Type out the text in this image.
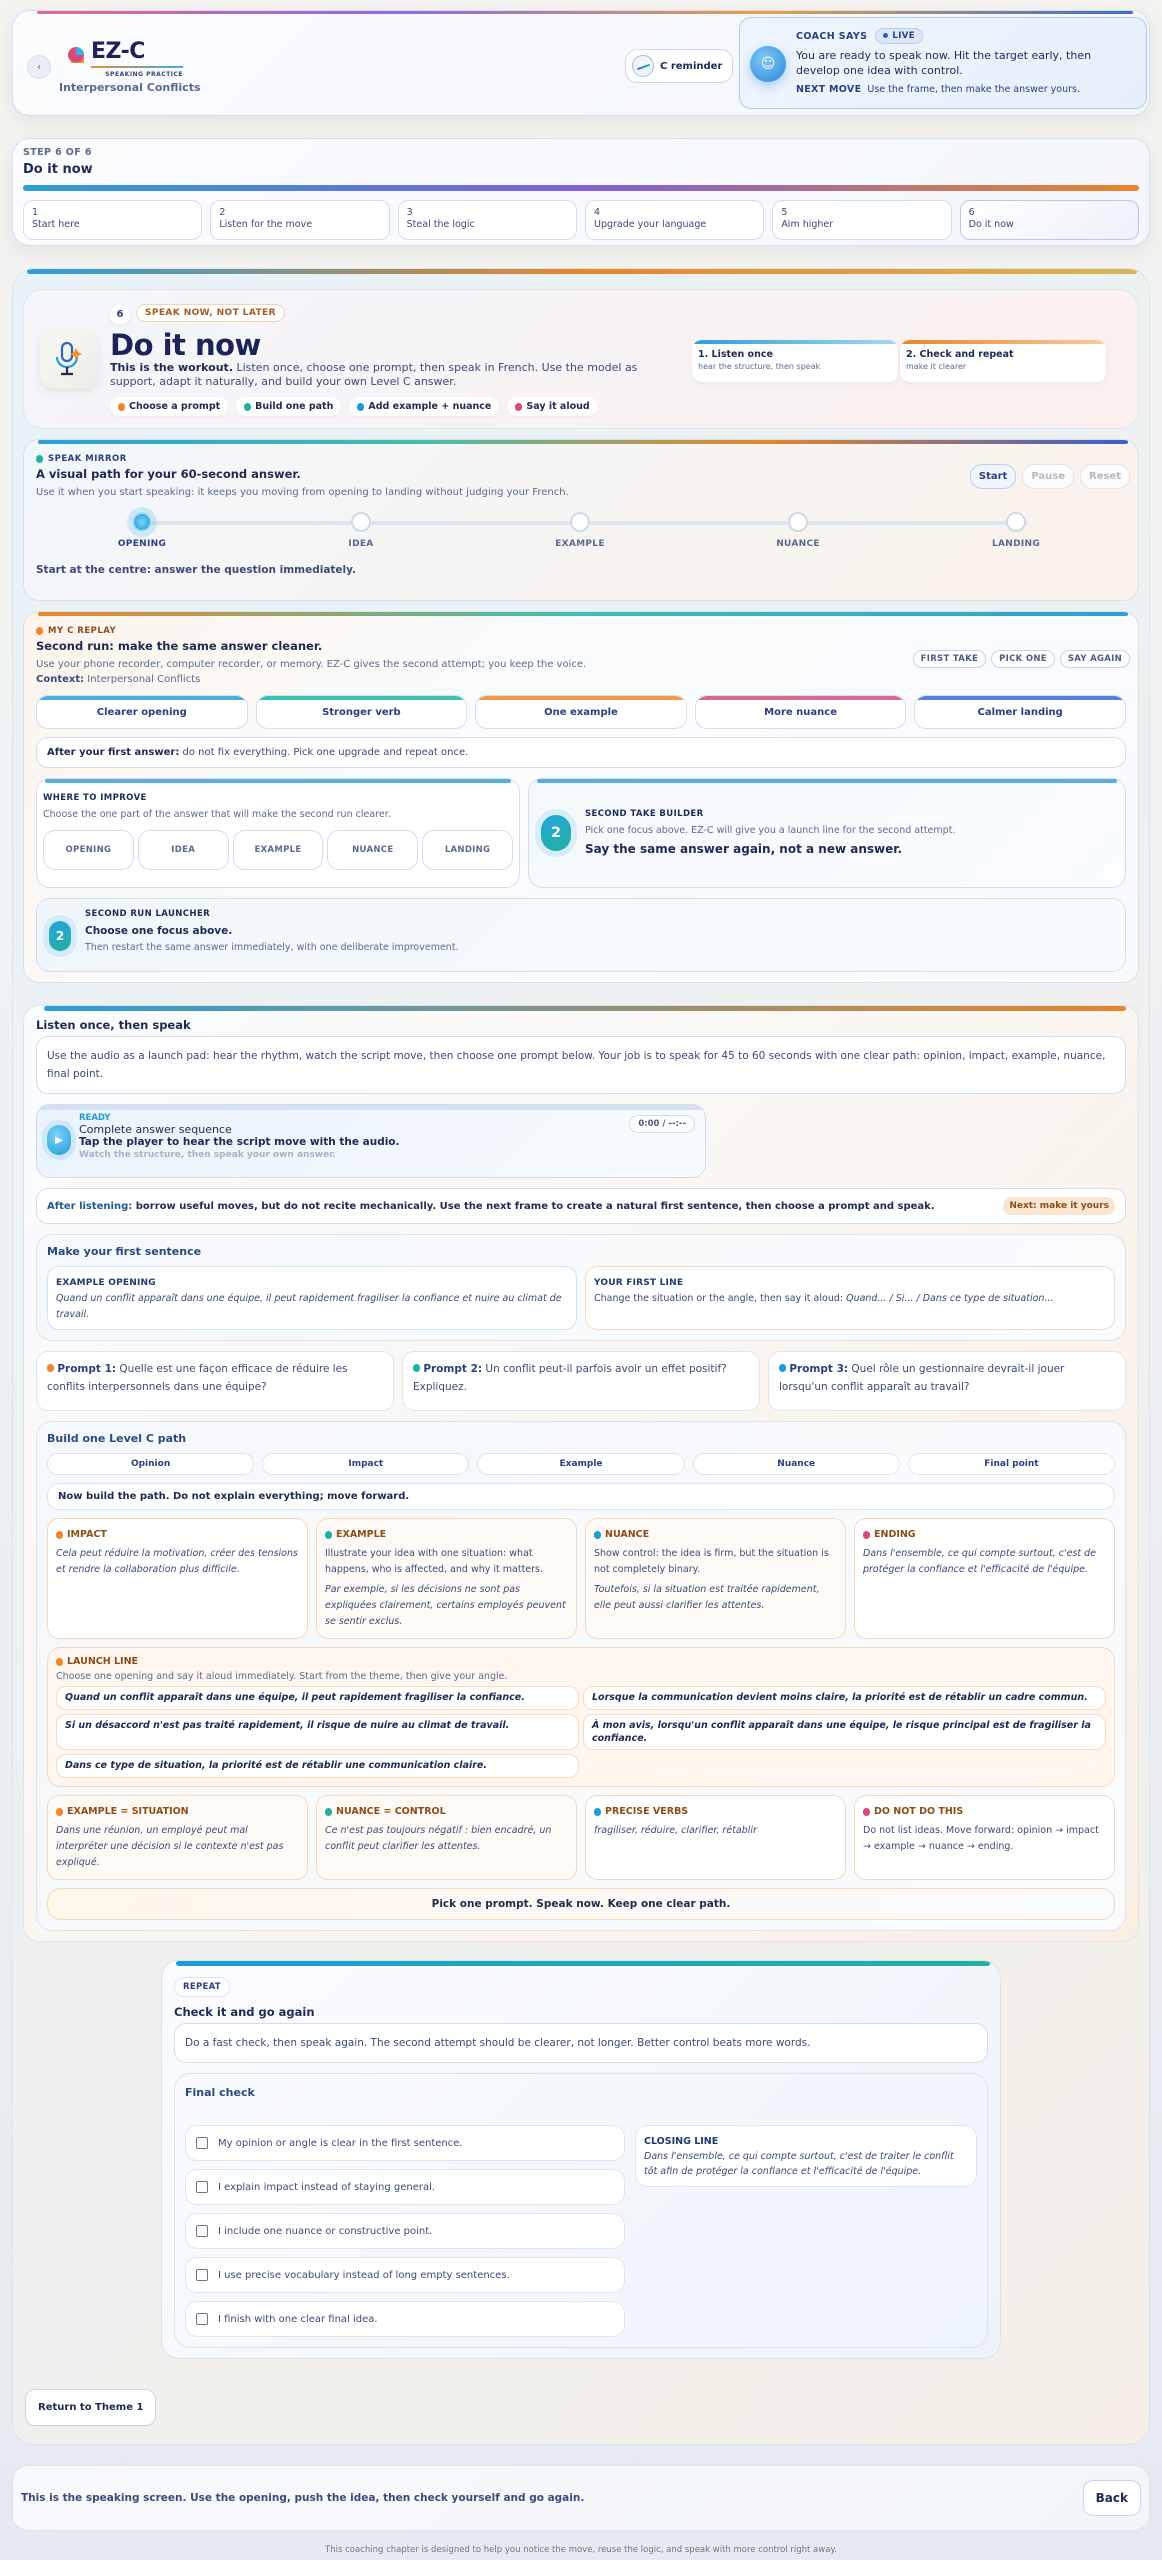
‹
EZ-C
SPEAKING PRACTICE
Interpersonal Conflicts
C reminder	☺
COACH SAYS	LIVE
You are ready to speak now. Hit the target early, then develop one idea with control.
NEXT MOVE Use the frame, then make the answer yours.
STEP 6 OF 6
Do it now
1
Start here
2
Listen for the move
3
Steal the logic
4
Upgrade your language
5
Aim higher
6
Do it now
6 SPEAK NOW, NOT LATER
Do it now
This is the workout. Listen once, choose one prompt, then speak in French. Use the model as support, adapt it naturally, and build your own Level C answer.
Choose a prompt	Build one path	Add example + nuance	Say it aloud
1. Listen once
hear the structure, then speak
2. Check and repeat
make it clearer
SPEAK MIRROR
A visual path for your 60-second answer.
Use it when you start speaking: it keeps you moving from opening to landing without judging your French.
Start	Pause	Reset
OPENING	IDEA	EXAMPLE	NUANCE	LANDING
Start at the centre: answer the question immediately.
MY C REPLAY
Second run: make the same answer cleaner.
Use your phone recorder, computer recorder, or memory. EZ-C gives the second attempt; you keep the voice.
Context: Interpersonal Conflicts
FIRST TAKE	PICK ONE	SAY AGAIN
Clearer opening	Stronger verb	One example	More nuance	Calmer landing
After your first answer: do not fix everything. Pick one upgrade and repeat once.
WHERE TO IMPROVE
Choose the one part of the answer that will make the second run clearer.
OPENING	IDEA	EXAMPLE	NUANCE	LANDING
2
SECOND TAKE BUILDER
Pick one focus above. EZ-C will give you a launch line for the second attempt.
Say the same answer again, not a new answer.
2
SECOND RUN LAUNCHER
Choose one focus above.
Then restart the same answer immediately, with one deliberate improvement.
Listen once, then speak
Use the audio as a launch pad: hear the rhythm, watch the script move, then choose one prompt below. Your job is to speak for 45 to 60 seconds with one clear path: opinion, impact, example, nuance, final point.
▶
READY
Complete answer sequence
Tap the player to hear the script move with the audio.
Watch the structure, then speak your own answer.
0:00 / --:--
After listening: borrow useful moves, but do not recite mechanically. Use the next frame to create a natural first sentence, then choose a prompt and speak.	Next: make it yours
Make your first sentence
EXAMPLE OPENING
Quand un conflit apparaît dans une équipe, il peut rapidement fragiliser la confiance et nuire au climat de travail.
YOUR FIRST LINE
Change the situation or the angle, then say it aloud: Quand... / Si... / Dans ce type de situation...
Prompt 1: Quelle est une façon efficace de réduire les conflits interpersonnels dans une équipe?
Prompt 2: Un conflit peut-il parfois avoir un effet positif? Expliquez.
Prompt 3: Quel rôle un gestionnaire devrait-il jouer lorsqu'un conflit apparaît au travail?
Build one Level C path
Opinion	Impact	Example	Nuance	Final point
Now build the path. Do not explain everything; move forward.
IMPACT
Cela peut réduire la motivation, créer des tensions et rendre la collaboration plus difficile.
EXAMPLE
Illustrate your idea with one situation: what happens, who is affected, and why it matters.
Par exemple, si les décisions ne sont pas expliquées clairement, certains employés peuvent se sentir exclus.
NUANCE
Show control: the idea is firm, but the situation is not completely binary.
Toutefois, si la situation est traitée rapidement, elle peut aussi clarifier les attentes.
ENDING
Dans l'ensemble, ce qui compte surtout, c'est de protéger la confiance et l'efficacité de l'équipe.
LAUNCH LINE
Choose one opening and say it aloud immediately. Start from the theme, then give your angle.
Quand un conflit apparaît dans une équipe, il peut rapidement fragiliser la confiance.	Lorsque la communication devient moins claire, la priorité est de rétablir un cadre commun.
Si un désaccord n'est pas traité rapidement, il risque de nuire au climat de travail.	À mon avis, lorsqu'un conflit apparaît dans une équipe, le risque principal est de fragiliser la confiance.
Dans ce type de situation, la priorité est de rétablir une communication claire.
EXAMPLE = SITUATION
Dans une réunion, un employé peut mal interpréter une décision si le contexte n'est pas expliqué.
NUANCE = CONTROL
Ce n'est pas toujours négatif : bien encadré, un conflit peut clarifier les attentes.
PRECISE VERBS
fragiliser, réduire, clarifier, rétablir
DO NOT DO THIS
Do not list ideas. Move forward: opinion → impact → example → nuance → ending.
Pick one prompt. Speak now. Keep one clear path.
REPEAT
Check it and go again
Do a fast check, then speak again. The second attempt should be clearer, not longer. Better control beats more words.
Final check
My opinion or angle is clear in the first sentence.
I explain impact instead of staying general.
I include one nuance or constructive point.
I use precise vocabulary instead of long empty sentences.
I finish with one clear final idea.
CLOSING LINE
Dans l'ensemble, ce qui compte surtout, c'est de traiter le conflit tôt afin de protéger la confiance et l'efficacité de l'équipe.
Return to Theme 1
This is the speaking screen. Use the opening, push the idea, then check yourself and go again.	Back
This coaching chapter is designed to help you notice the move, reuse the logic, and speak with more control right away.
